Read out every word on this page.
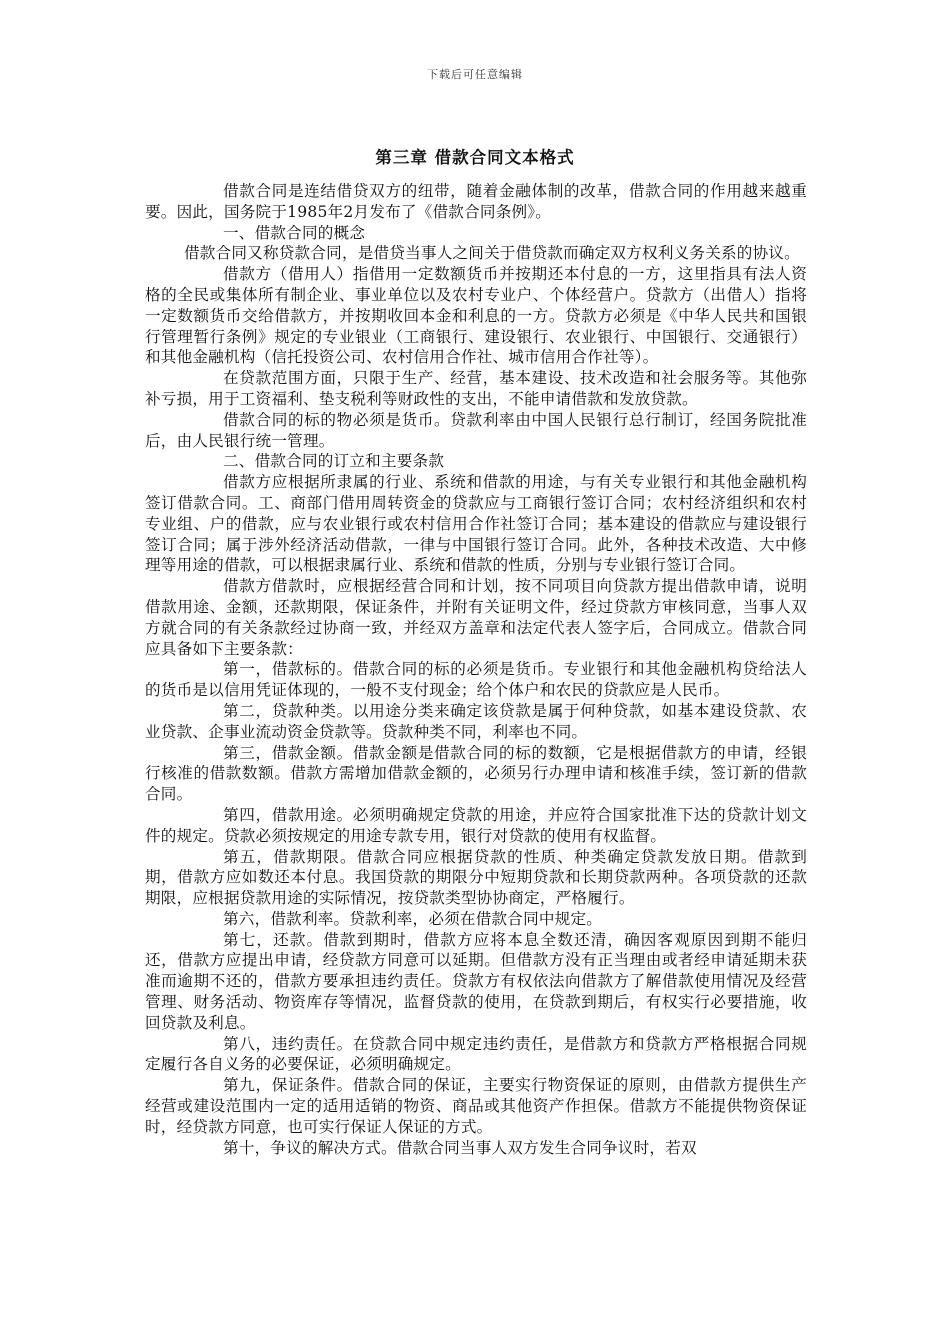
下载后可任意编辑
第三章 借款合同文本格式

借款合同是连结借贷双方的纽带，随着金融体制的改革，借款合同的作用越来越重要。因此，国务院于1985年2月发布了《借款合同条例》。

一、借款合同的概念

借款合同又称贷款合同，是借贷当事人之间关于借贷款而确定双方权利义务关系的协议。

借款方（借用人）指借用一定数额货币并按期还本付息的一方，这里指具有法人资格的全民或集体所有制企业、事业单位以及农村专业户、个体经营户。贷款方（出借人）指将一定数额货币交给借款方，并按期收回本金和利息的一方。贷款方必须是《中华人民共和国银行管理暂行条例》规定的专业银业（工商银行、建设银行、农业银行、中国银行、交通银行）和其他金融机构（信托投资公司、农村信用合作社、城市信用合作社等）。

在贷款范围方面，只限于生产、经营，基本建设、技术改造和社会服务等。其他弥补亏损，用于工资福利、垫支税利等财政性的支出，不能申请借款和发放贷款。

借款合同的标的物必须是货币。贷款利率由中国人民银行总行制订，经国务院批准后，由人民银行统一管理。

二、借款合同的订立和主要条款

借款方应根据所隶属的行业、系统和借款的用途，与有关专业银行和其他金融机构签订借款合同。工、商部门借用周转资金的贷款应与工商银行签订合同；农村经济组织和农村专业组、户的借款，应与农业银行或农村信用合作社签订合同；基本建设的借款应与建设银行签订合同；属于涉外经济活动借款，一律与中国银行签订合同。此外，各种技术改造、大中修理等用途的借款，可以根据隶属行业、系统和借款的性质，分别与专业银行签订合同。

借款方借款时，应根据经营合同和计划，按不同项目向贷款方提出借款申请，说明借款用途、金额，还款期限，保证条件，并附有关证明文件，经过贷款方审核同意，当事人双方就合同的有关条款经过协商一致，并经双方盖章和法定代表人签字后，合同成立。借款合同应具备如下主要条款：

第一，借款标的。借款合同的标的必须是货币。专业银行和其他金融机构贷给法人的货币是以信用凭证体现的，一般不支付现金；给个体户和农民的贷款应是人民币。

第二，贷款种类。以用途分类来确定该贷款是属于何种贷款，如基本建设贷款、农业贷款、企事业流动资金贷款等。贷款种类不同，利率也不同。

第三，借款金额。借款金额是借款合同的标的数额，它是根据借款方的申请，经银行核准的借款数额。借款方需增加借款金额的，必须另行办理申请和核准手续，签订新的借款合同。

第四，借款用途。必须明确规定贷款的用途，并应符合国家批准下达的贷款计划文件的规定。贷款必须按规定的用途专款专用，银行对贷款的使用有权监督。

第五，借款期限。借款合同应根据贷款的性质、种类确定贷款发放日期。借款到期，借款方应如数还本付息。我国贷款的期限分中短期贷款和长期贷款两种。各项贷款的还款期限，应根据贷款用途的实际情况，按贷款类型协协商定，严格履行。

第六，借款利率。贷款利率，必须在借款合同中规定。

第七，还款。借款到期时，借款方应将本息全数还清，确因客观原因到期不能归还，借款方应提出申请，经贷款方同意可以延期。但借款方没有正当理由或者经申请延期未获准而逾期不还的，借款方要承担违约责任。贷款方有权依法向借款方了解借款使用情况及经营管理、财务活动、物资库存等情况，监督贷款的使用，在贷款到期后，有权实行必要措施，收回贷款及利息。

第八，违约责任。在贷款合同中规定违约责任，是借款方和贷款方严格根据合同规定履行各自义务的必要保证，必须明确规定。

第九，保证条件。借款合同的保证，主要实行物资保证的原则，由借款方提供生产经营或建设范围内一定的适用适销的物资、商品或其他资产作担保。借款方不能提供物资保证时，经贷款方同意，也可实行保证人保证的方式。

第十，争议的解决方式。借款合同当事人双方发生合同争议时，若双
